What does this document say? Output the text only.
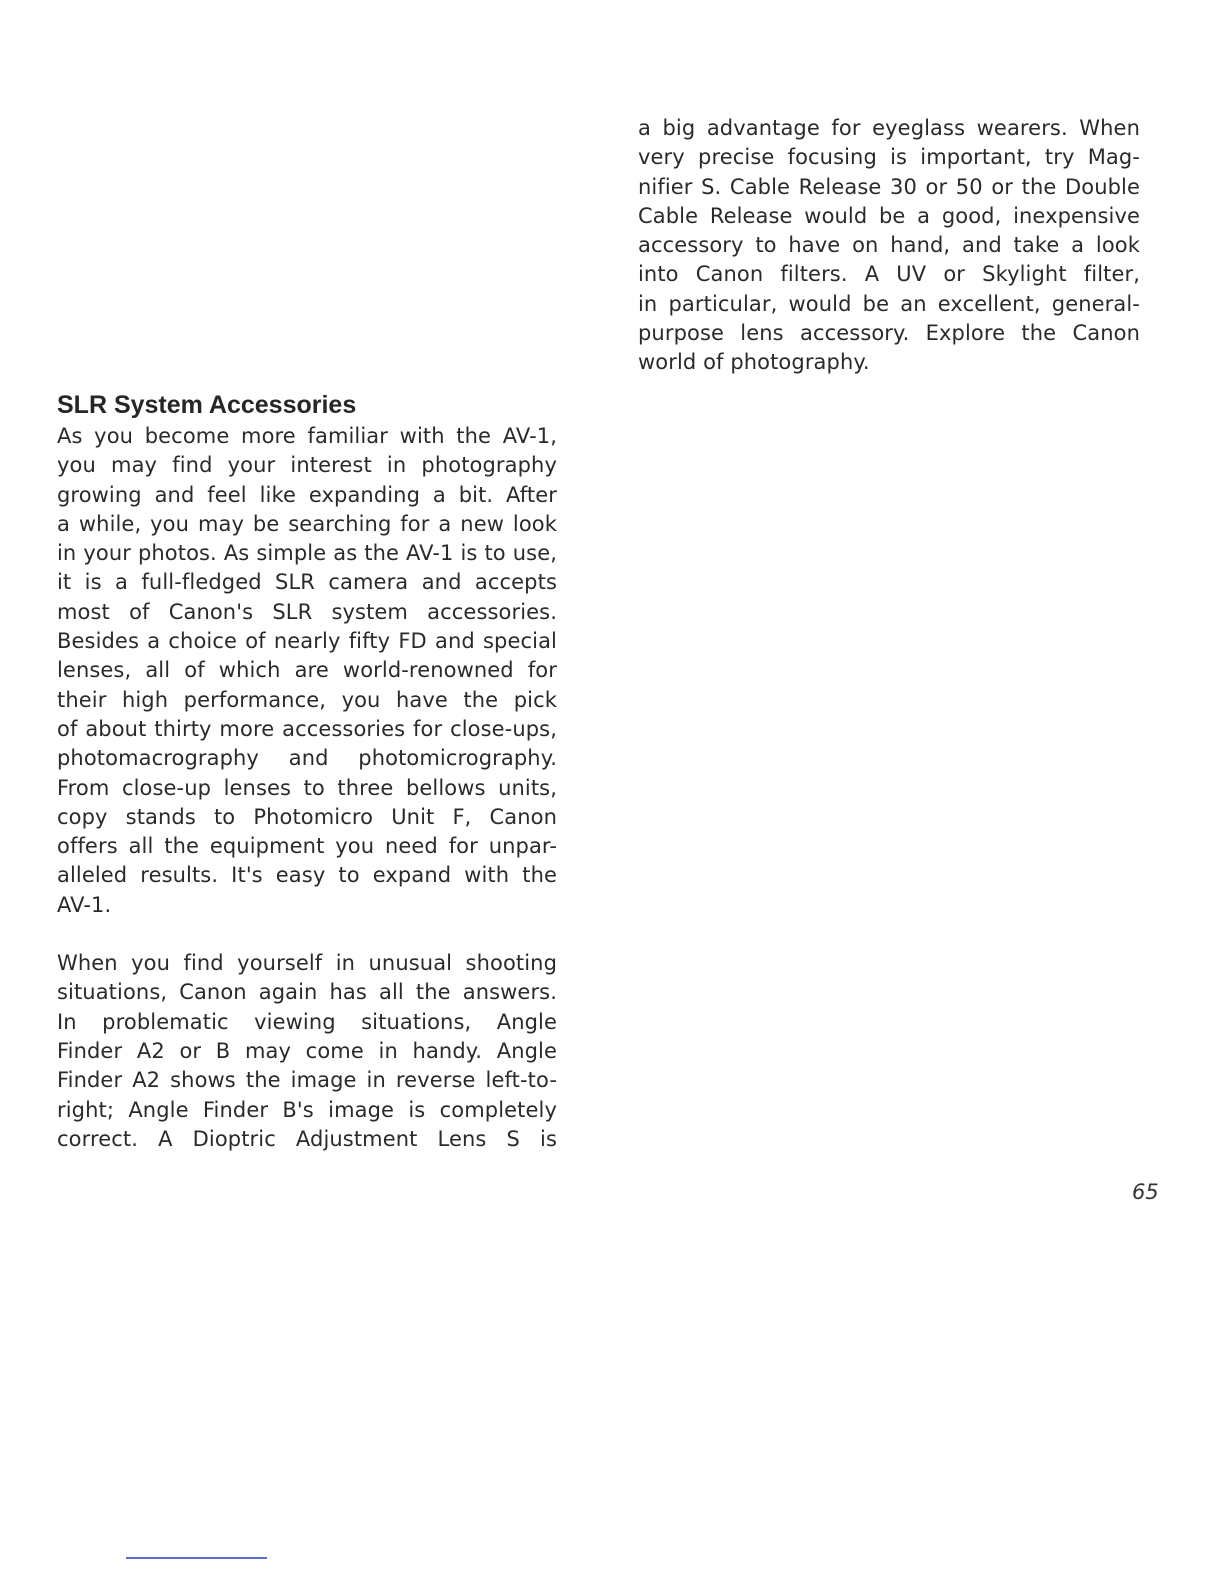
SLR System Accessories
As you become more familiar with the AV-1,
you may find your interest in photography
growing and feel like expanding a bit. After
a while, you may be searching for a new look
in your photos. As simple as the AV-1 is to use,
it is a full-fledged SLR camera and accepts
most of Canon's SLR system accessories.
Besides a choice of nearly fifty FD and special
lenses, all of which are world-renowned for
their high performance, you have the pick
of about thirty more accessories for close-ups,
photomacrography and photomicrography.
From close-up lenses to three bellows units,
copy stands to Photomicro Unit F, Canon
offers all the equipment you need for unpar-
alleled results. It's easy to expand with the
AV-1.
When you find yourself in unusual shooting
situations, Canon again has all the answers.
In problematic viewing situations, Angle
Finder A2 or B may come in handy. Angle
Finder A2 shows the image in reverse left-to-
right; Angle Finder B's image is completely
correct. A Dioptric Adjustment Lens S is
a big advantage for eyeglass wearers. When
very precise focusing is important, try Mag-
nifier S. Cable Release 30 or 50 or the Double
Cable Release would be a good, inexpensive
accessory to have on hand, and take a look
into Canon filters. A UV or Skylight filter,
in particular, would be an excellent, general-
purpose lens accessory. Explore the Canon
world of photography.
65
